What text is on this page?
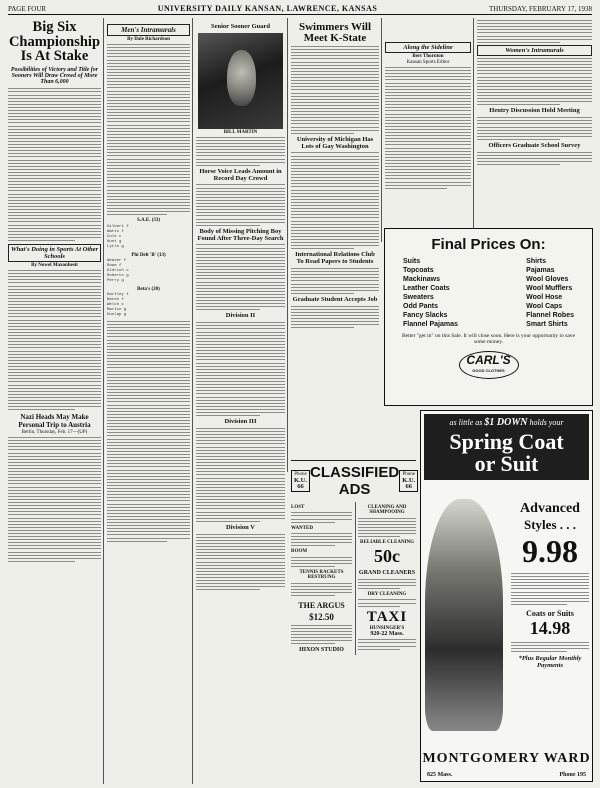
PAGE FOUR	UNIVERSITY DAILY KANSAN, LAWRENCE, KANSAS	THURSDAY, FEBRUARY 17, 1938
Big Six Championship Is At Stake
Possibilities of Victory and Title for Sooners Will Draw Crowd of More Than 6,000
What's Doing in Sports At Other Schools
By Nowel Maxonhesit
Nazi Heads May Make Personal Trip to Austria
Berlin, Thursday, Feb. 17—(UP)
Men's Intramurals
By Dale Richardson
S.A.E. (33)
Gilbert f
Watts f
Cole c
Hunt g
Lytle g
Phi Delt 'B' (13)
Weaver f
Rowe f
Aldrich c
Roberts g
Perry g
Beta's (20)
Hartley f
Bates f
Welch c
Martin g
Dunlap g
Senior Sooner Guard
BILL MARTIN
Horse Voice Leads Amount in Record Day Crowd
Body of Missing Pitching Boy Found After Three-Day Search
Division II
Division III
Division V
Swimmers Will Meet K-State
University of Michigan Has Lots of Gay Washington
International Relations Club To Read Papers to Students
Graduate Student Accepts Job
Along the Sideline
Bert Thornton
Kansan Sports Editor
Women's Intramurals
Hentry Discussion Hold Meeting
Officers Graduate School Survey
Final Prices On:
Suits
Topcoats
Mackinaws
Leather Coats
Sweaters
Odd Pants
Fancy Slacks
Flannel Pajamas
Shirts
Pajamas
Wool Gloves
Wool Mufflers
Wool Hose
Wool Caps
Flannel Robes
Smart Shirts
Better "get in" on this Sale. It will close soon. Here is your opportunity to save some money.
CARL'S
GOOD CLOTHES
as little as $1 DOWN holds your
Spring Coat
or Suit
Advanced
Styles . . .
9.98
Coats or Suits
14.98
*Plus Regular Monthly Payments
MONTGOMERY WARD
825 Mass.	Phone 195
Phone
K.U. 66
CLASSIFIED ADS
Phone
K.U. 66
LOST
WANTED
ROOM
TENNIS RACKETS RESTRUNG
THE ARGUS
$12.50
HIXON STUDIO
CLEANING AND SHAMPOOING
RELIABLE CLEANING
50c
GRAND CLEANERS
DRY CLEANING
TAXI
HUNSINGER'S
920-22 Mass.
